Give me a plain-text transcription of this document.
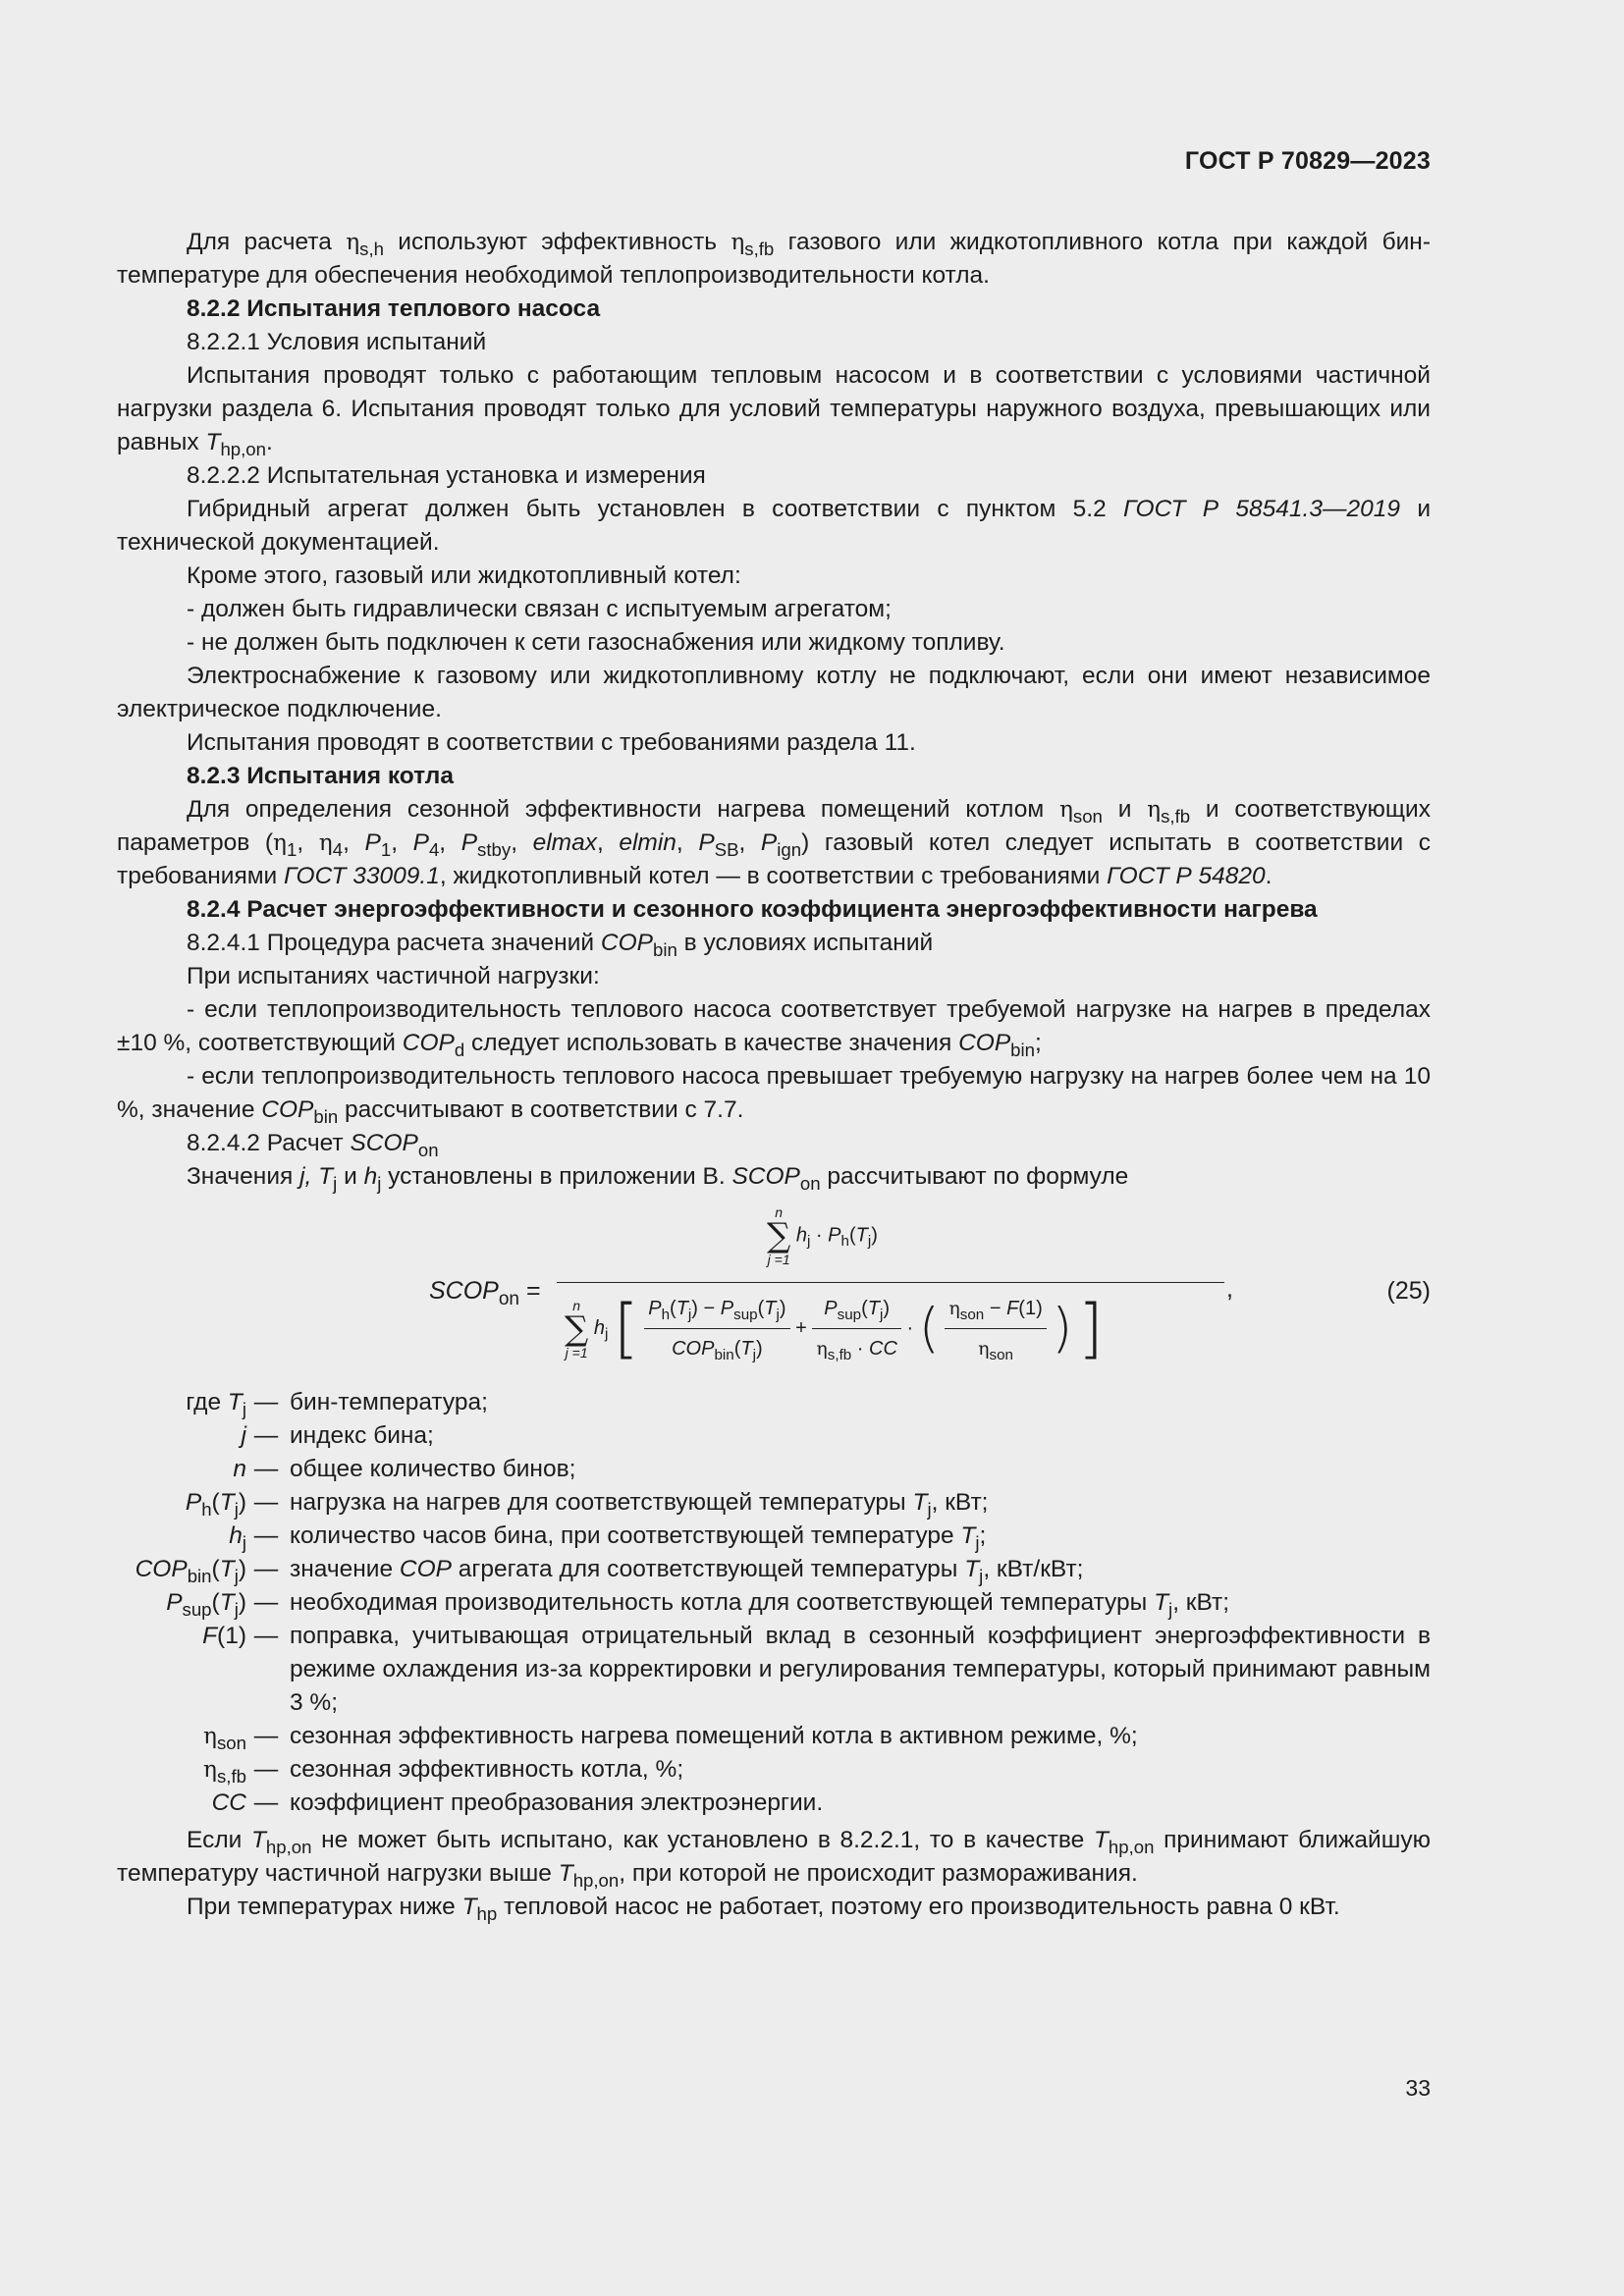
ГОСТ Р 70829—2023

Для расчета $\eta_{s,h}$ используют эффективность $\eta_{s,fb}$ газового или жидкотопливного котла при каждой бин-температуре для обеспечения необходимой теплопроизводительности котла.

8.2.2 Испытания теплового насоса

8.2.2.1 Условия испытаний

Испытания проводят только с работающим тепловым насосом и в соответствии с условиями частичной нагрузки раздела 6. Испытания проводят только для условий температуры наружного воздуха, превышающих или равных $T_{hp,on}$.

8.2.2.2 Испытательная установка и измерения

Гибридный агрегат должен быть установлен в соответствии с пунктом 5.2 ГОСТ Р 58541.3—2019 и технической документацией.

Кроме этого, газовый или жидкотопливный котел:

- должен быть гидравлически связан с испытуемым агрегатом;

- не должен быть подключен к сети газоснабжения или жидкому топливу.

Электроснабжение к газовому или жидкотопливному котлу не подключают, если они имеют независимое электрическое подключение.

Испытания проводят в соответствии с требованиями раздела 11.

8.2.3 Испытания котла

Для определения сезонной эффективности нагрева помещений котлом $\eta_{son}$ и $\eta_{s,fb}$ и соответствующих параметров ($\eta_1$, $\eta_4$, $P_1$, $P_4$, $P_{stby}$, elmax, elmin, $P_{SB}$, $P_{ign}$) газовый котел следует испытать в соответствии с требованиями ГОСТ 33009.1, жидкотопливный котел — в соответствии с требованиями ГОСТ Р 54820.

8.2.4 Расчет энергоэффективности и сезонного коэффициента энергоэффективности нагрева

8.2.4.1 Процедура расчета значений $COP_{bin}$ в условиях испытаний

При испытаниях частичной нагрузки:

- если теплопроизводительность теплового насоса соответствует требуемой нагрузке на нагрев в пределах ±10 %, соответствующий $COP_d$ следует использовать в качестве значения $COP_{bin}$;

- если теплопроизводительность теплового насоса превышает требуемую нагрузку на нагрев более чем на 10 %, значение $COP_{bin}$ рассчитывают в соответствии с 7.7.

8.2.4.2 Расчет $SCOP_{on}$

Значения j, $T_j$ и $h_j$ установлены в приложении В. $SCOP_{on}$ рассчитывают по формуле

$SCOP_{on}$ =
n
∑
j =1
$h_j \cdot P_h(T_j)$
n
∑
j =1
$h_j$ [ $P_h(T_j) - P_{sup}(T_j)$
$COP_{bin}(T_j)$
+
$P_{sup}(T_j)$
$\eta_{s,fb}$ · CC
· ( $\eta_{son} - F(1)$
$\eta_{son}$ ) ]
,	(25)
где $T_j$ — бин-температура;
j — индекс бина;
n — общее количество бинов;
$P_h(T_j)$ — нагрузка на нагрев для соответствующей температуры $T_j$, кВт;
$h_j$ — количество часов бина, при соответствующей температуре $T_j$;
$COP_{bin}(T_j)$ — значение COP агрегата для соответствующей температуры $T_j$, кВт/кВт;
$P_{sup}(T_j)$ — необходимая производительность котла для соответствующей температуры $T_j$, кВт;
F(1) — поправка, учитывающая отрицательный вклад в сезонный коэффициент энергоэффективности в режиме охлаждения из-за корректировки и регулирования температуры, который принимают равным 3 %;
$\eta_{son}$ — сезонная эффективность нагрева помещений котла в активном режиме, %;
$\eta_{s,fb}$ — сезонная эффективность котла, %;
CC — коэффициент преобразования электроэнергии.

Если $T_{hp,on}$ не может быть испытано, как установлено в 8.2.2.1, то в качестве $T_{hp,on}$ принимают ближайшую температуру частичной нагрузки выше $T_{hp,on}$, при которой не происходит размораживания.

При температурах ниже $T_{hp}$ тепловой насос не работает, поэтому его производительность равна 0 кВт.

33
